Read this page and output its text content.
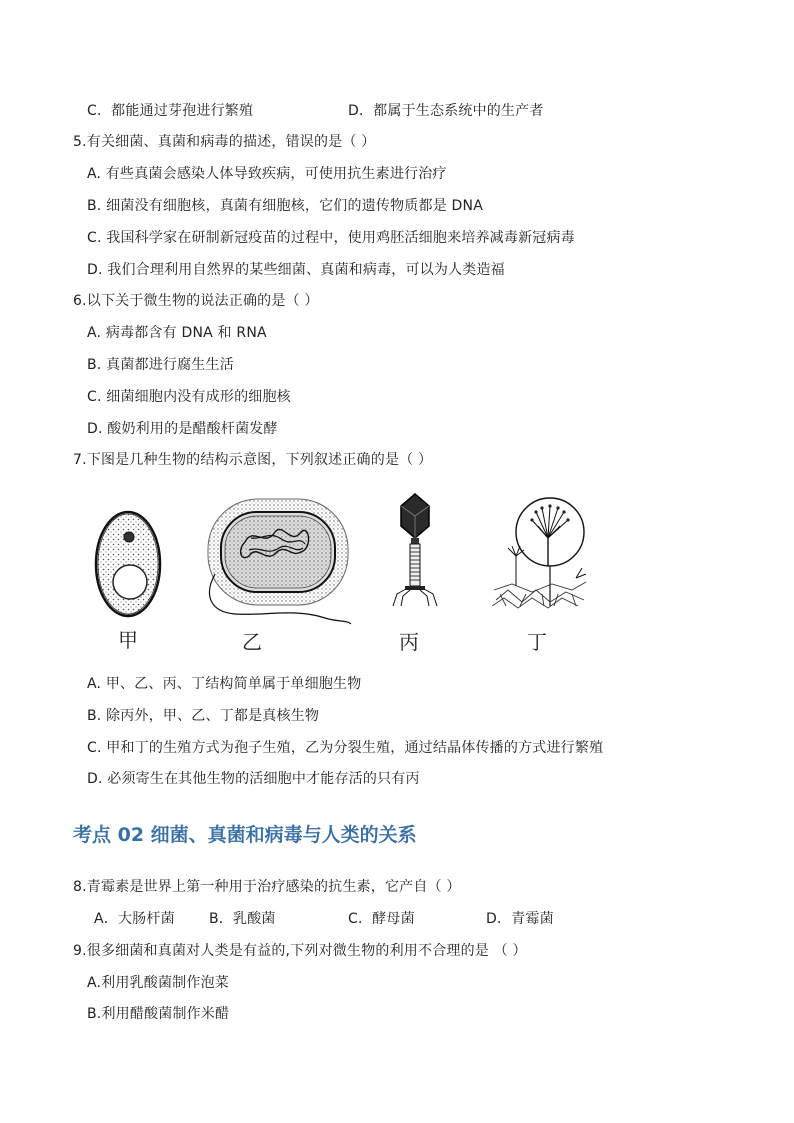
C．都能通过芽孢进行繁殖	D．都属于生态系统中的生产者
5.有关细菌、真菌和病毒的描述，错误的是（ ）
A. 有些真菌会感染人体导致疾病，可使用抗生素进行治疗
B. 细菌没有细胞核，真菌有细胞核，它们的遗传物质都是 DNA
C. 我国科学家在研制新冠疫苗的过程中，使用鸡胚活细胞来培养减毒新冠病毒
D. 我们合理利用自然界的某些细菌、真菌和病毒，可以为人类造福
6.以下关于微生物的说法正确的是（ ）
A. 病毒都含有 DNA 和 RNA
B. 真菌都进行腐生生活
C. 细菌细胞内没有成形的细胞核
D. 酸奶利用的是醋酸杆菌发酵
7.下图是几种生物的结构示意图，下列叙述正确的是（ ）
甲	乙	丙	丁
A. 甲、乙、丙、丁结构简单属于单细胞生物
B. 除丙外，甲、乙、丁都是真核生物
C. 甲和丁的生殖方式为孢子生殖，乙为分裂生殖，通过结晶体传播的方式进行繁殖
D. 必须寄生在其他生物的活细胞中才能存活的只有丙
考点 02 细菌、真菌和病毒与人类的关系
8.青霉素是世界上第一种用于治疗感染的抗生素，它产自（ ）
A．大肠杆菌 B．乳酸菌	C．酵母菌	D．青霉菌
9.很多细菌和真菌对人类是有益的,下列对微生物的利用不合理的是 （ ）
A.利用乳酸菌制作泡菜
B.利用醋酸菌制作米醋
